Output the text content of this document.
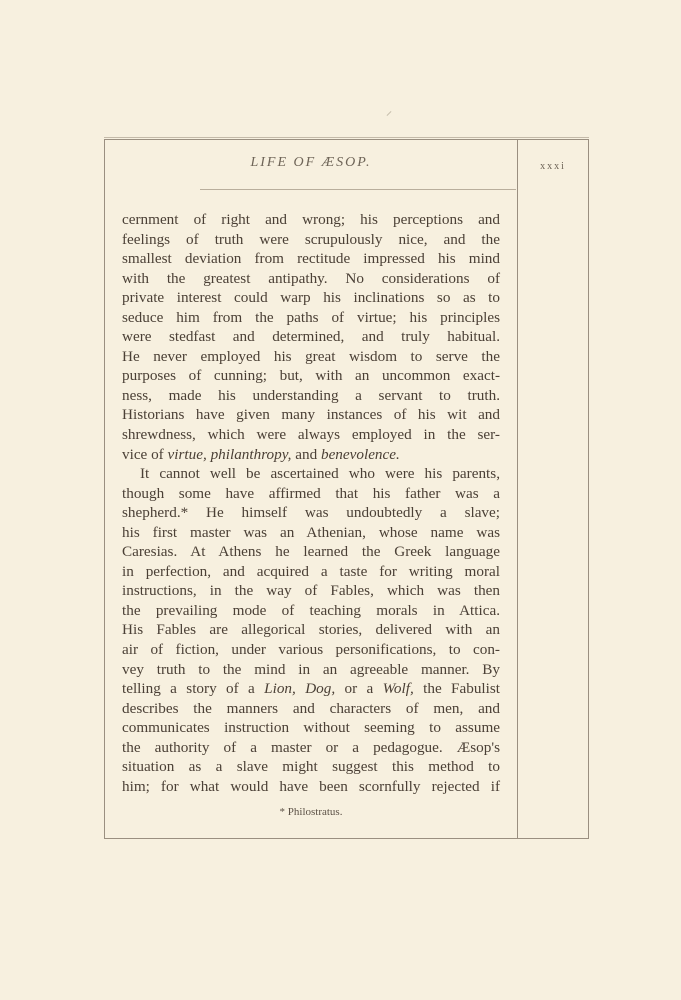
LIFE OF ÆSOP.	xxxi
cernment of right and wrong; his perceptions and
feelings of truth were scrupulously nice, and the
smallest deviation from rectitude impressed his mind
with the greatest antipathy. No considerations of
private interest could warp his inclinations so as to
seduce him from the paths of virtue; his principles
were stedfast and determined, and truly habitual.
He never employed his great wisdom to serve the
purposes of cunning; but, with an uncommon exact-
ness, made his understanding a servant to truth.
Historians have given many instances of his wit and
shrewdness, which were always employed in the ser-
vice of virtue, philanthropy, and benevolence.
It cannot well be ascertained who were his parents,
though some have affirmed that his father was a
shepherd.* He himself was undoubtedly a slave;
his first master was an Athenian, whose name was
Caresias. At Athens he learned the Greek language
in perfection, and acquired a taste for writing moral
instructions, in the way of Fables, which was then
the prevailing mode of teaching morals in Attica.
His Fables are allegorical stories, delivered with an
air of fiction, under various personifications, to con-
vey truth to the mind in an agreeable manner. By
telling a story of a Lion, Dog, or a Wolf, the Fabulist
describes the manners and characters of men, and
communicates instruction without seeming to assume
the authority of a master or a pedagogue. Æsop's
situation as a slave might suggest this method to
him; for what would have been scornfully rejected if
* Philostratus.
